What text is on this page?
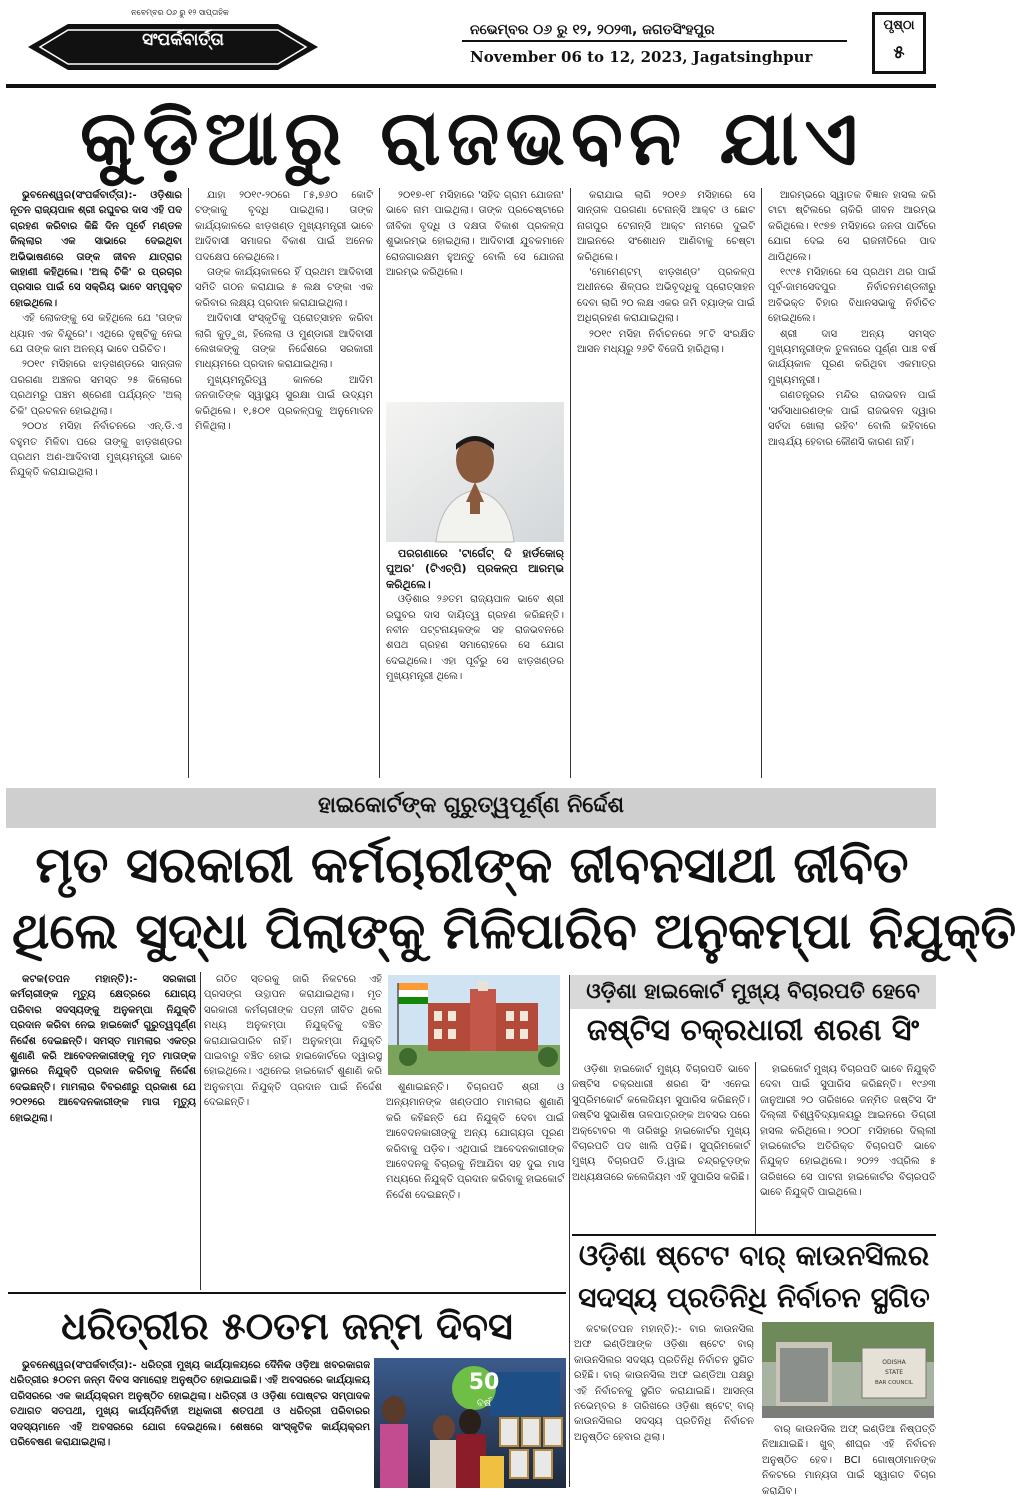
ନବେମ୍ବର ୦୬ ରୁ ୧୨ ସାପ୍ତାହିକ
ସଂପର୍କବାର୍ତ୍ତା	ନଭେମ୍ବର ୦୬ ରୁ ୧୨, ୨୦୨୩, ଜଗତସିଂହପୁର
November 06 to 12, 2023, Jagatsinghpur
ପୃଷ୍ଠା
୫
କୁଡ଼ିଆରୁ ରାଜଭବନ ଯାଏ

ଭୁବନେଶ୍ୱର(ସଂପର୍କବାର୍ତ୍ତା):- ଓଡ଼ିଶାର ନୂତନ ରାଜ୍ୟପାଳ ଶ୍ରୀ ରଘୁବର ଦାସ ଏହି ପଦ ଗ୍ରହଣ କରିବାର କିଛି ଦିନ ପୂର୍ବେ ମଣ୍ଡଳ ଜିଲ୍ଲାର ଏକ ସାଭାରେ ଦେଇଥିବା ଅଭିଭାଷଣରେ ତାଙ୍କ ଜୀବନ ଯାତ୍ରାର କାହାଣୀ କହିଥିଲେ। 'ଅଲ୍ ଚିକି' ର ପ୍ରଚାର ପ୍ରସାର ପାଇଁ ସେ ସକ୍ରିୟ ଭାବେ ସମ୍ପୃକ୍ତ ହୋଇଥିଲେ।

ଏହି ଲୋକଙ୍କୁ ସେ କହିଥିଲେ ଯେ 'ତାଙ୍କ ଧ୍ୟାନ ଏକ ବିନ୍ଦୁରେ'। ଏଥିରେ ଦୃଷ୍ଟିକୁ ନେଇ ଯେ ତାଙ୍କ କାମ ଅନନ୍ୟ ଭାବେ ପରିଚିତ।

୨୦୧୯ ମସିହାରେ ଝାଡ଼ଖଣ୍ଡରେ ସାନ୍ତାଳ ପରଗଣା ଅଞ୍ଚଳର ସମସ୍ତ ୨୫ କିଲୋରେ ପ୍ରଥମରୁ ପଞ୍ଚମ ଶ୍ରେଣୀ ପର୍ଯ୍ୟନ୍ତ 'ଅଲ୍ ଚିକି' ପ୍ରଚଳନ ହୋଇଥିଲା।

୨୦୦୪ ମସିହା ନିର୍ବାଚନରେ ଏନ୍.ଡି.ଏ ବହୁମତ ମିଳିବା ପରେ ତାଙ୍କୁ ଝାଡ଼ଖଣ୍ଡର ପ୍ରଥମ ଅଣ-ଆଦିବାସୀ ମୁଖ୍ୟମନ୍ତ୍ରୀ ଭାବେ ନିଯୁକ୍ତି କରାଯାଇଥିଲା।

ଯାହା ୨୦୧୯-୨୦ରେ ୮୫,୭୬୦ କୋଟି ଟଙ୍କାକୁ ବୃଦ୍ଧି ପାଇଥିଲା। ତାଙ୍କ କାର୍ଯ୍ୟକାଳରେ ଝାଡ଼ଖଣ୍ଡ ମୁଖ୍ୟମନ୍ତ୍ରୀ ଭାବେ ଆଦିବାସୀ ସମାଜର ବିକାଶ ପାଇଁ ଅନେକ ପଦକ୍ଷେପ ନେଇଥିଲେ।

ତାଙ୍କ କାର୍ଯ୍ୟକାଳରେ ହିଁ ପ୍ରଥମ ଆଦିବାସୀ ସମିତି ଗଠନ କରାଯାଇ ୫ ଲକ୍ଷ ଟଙ୍କା ଏକ କରିବାର ଲକ୍ଷ୍ୟ ପ୍ରଦାନ କରାଯାଇଥିଲା।

ଆଦିବାସୀ ସଂସ୍କୃତିକୁ ପ୍ରୋତ୍ସାହନ କରିବା ଲାଗି କୁଡ଼ୁଖ, ହିଲେଲା ଓ ମୁଣ୍ଡାରୀ ଆଦିବାସୀ ଲେଖକଙ୍କୁ ତାଙ୍କ ନିର୍ଦ୍ଦେଶରେ ସରକାରୀ ମାଧ୍ୟମରେ ପ୍ରଦାନ କରାଯାଇଥିଲା।

ମୁଖ୍ୟମନ୍ତ୍ରିତ୍ୱ କାଳରେ ଆଦିମ ଜନଜାତିଙ୍କ ସ୍ୱାସ୍ଥ୍ୟ ସୁରକ୍ଷା ପାଇଁ ଉଦ୍ୟମ କରିଥିଲେ। ୧,୫୦୧ ପ୍ରକଳ୍ପକୁ ଅନୁମୋଦନ ମିଳିଥିଲା।

୨୦୧୭-୧୮ ମସିହାରେ 'ସହିଦ ଗ୍ରାମ ଯୋଜନା' ଭାବେ ନାମ ପାଇଥିଲା। ତାଙ୍କ ପ୍ରଚେଷ୍ଟାରେ ଜୀବିକା ବୃଦ୍ଧି ଓ ଦକ୍ଷତା ବିକାଶ ପ୍ରକଳ୍ପ ଶୁଭାରମ୍ଭ ହୋଇଥିଲା। ଆଦିବାସୀ ଯୁବକମାନେ ରୋଜଗାରକ୍ଷମ ହୁଅନ୍ତୁ ବୋଲି ସେ ଯୋଜନା ଆରମ୍ଭ କରିଥିଲେ।

ପରଗଣାରେ 'ଟାର୍ଗେଟ୍ ଦି ହାର୍ଡକୋର୍ ପୁଅର' (ଟିଏଚ୍‌ପି) ପ୍ରକଳ୍ପ ଆରମ୍ଭ କରିଥିଲେ।

ଓଡ଼ିଶାର ୨୬ତମ ରାଜ୍ୟପାଳ ଭାବେ ଶ୍ରୀ ରଘୁବର ଦାସ ଦାୟିତ୍ୱ ଗ୍ରହଣ କରିଛନ୍ତି। ନବୀନ ପଟ୍ଟନାୟକଙ୍କ ସହ ରାଜଭବନରେ ଶପଥ ଗ୍ରହଣ ସମାରୋହରେ ସେ ଯୋଗ ଦେଇଥିଲେ। ଏହା ପୂର୍ବରୁ ସେ ଝାଡ଼ଖଣ୍ଡର ମୁଖ୍ୟମନ୍ତ୍ରୀ ଥିଲେ।

କରାଯାଇ ଲାଗି ୨୦୧୬ ମସିହାରେ ସେ ସାନ୍ତାଳ ପରଗଣା ଟେନାନ୍ସି ଆକ୍ଟ ଓ ଛୋଟ ନାଗପୁର ଟେନାନ୍ସି ଆକ୍ଟ ନାମରେ ଦୁଇଟି ଆଇନରେ ସଂଶୋଧନ ଆଣିବାକୁ ଚେଷ୍ଟା କରିଥିଲେ।

'ମୋମେଣ୍ଟମ୍ ଝାଡ଼ଖଣ୍ଡ' ପ୍ରକଳ୍ପ ଅଧୀନରେ ଶିଳ୍ପର ଅଭିବୃଦ୍ଧିକୁ ପ୍ରୋତ୍ସାହନ ଦେବା ଲାଗି ୨୦ ଲକ୍ଷ ଏକର ଜମି ବ୍ୟାଙ୍କ ପାଇଁ ଅଧିଗ୍ରହଣ କରାଯାଇଥିଲା।

୨୦୧୯ ମସିହା ନିର୍ବାଚନରେ ୨୮ଟି ସଂରକ୍ଷିତ ଆସନ ମଧ୍ୟରୁ ୨୬ଟି ବିଜେପି ହାରିଥିଲା।

ଆରମ୍ଭରେ ସ୍ୱାତକ ବିଜ୍ଞାନ ହାସଲ କରି ଟାଟା ଷ୍ଟିଲରେ ଚାକିରି ଜୀବନ ଆରମ୍ଭ କରିଥିଲେ। ୧୯୭୭ ମସିହାରେ ଜନତା ପାର୍ଟିରେ ଯୋଗ ଦେଇ ସେ ରାଜନୀତିରେ ପାଦ ଥାପିଥିଲେ।

୧୯୯୫ ମସିହାରେ ସେ ପ୍ରଥମ ଥର ପାଇଁ ପୂର୍ବ-ଜାମସେଦପୁର ନିର୍ବାଚନମଣ୍ଡଳୀରୁ ଅବିଭକ୍ତ ବିହାର ବିଧାନସଭାକୁ ନିର୍ବାଚିତ ହୋଇଥିଲେ।

ଶ୍ରୀ ଦାସ ଅନ୍ୟ ସମସ୍ତ ମୁଖ୍ୟମନ୍ତ୍ରୀଙ୍କ ତୁଳନାରେ ପୂର୍ଣ୍ଣ ପାଞ୍ଚ ବର୍ଷ କାର୍ଯ୍ୟକାଳ ପୂରଣ କରିଥିବା ଏକମାତ୍ର ମୁଖ୍ୟମନ୍ତ୍ରୀ।

ଗଣତନ୍ତ୍ରର ମନ୍ଦିର ରାଜଭବନ ପାଇଁ 'ସର୍ବସାଧାରଣଙ୍କ ପାଇଁ ରାଜଭବନ ଦ୍ୱାର ସର୍ବଦା ଖୋଲା ରହିବ' ବୋଲି କହିବାରେ ଆଶ୍ଚର୍ଯ୍ୟ ହେବାର କୌଣସି କାରଣ ନାହିଁ।

ହାଇକୋର୍ଟଙ୍କ ଗୁରୁତ୍ୱପୂର୍ଣ୍ଣ ନିର୍ଦ୍ଦେଶ
ମୃତ ସରକାରୀ କର୍ମଚାରୀଙ୍କ ଜୀବନସାଥୀ ଜୀବିତ
ଥିଲେ ସୁଦ୍ଧା ପିଲାଙ୍କୁ ମିଳିପାରିବ ଅନୁକମ୍ପା ନିଯୁକ୍ତି

କଟକ(ତପନ ମହାନ୍ତି):- ସରକାରୀ କର୍ମଚାରୀଙ୍କ ମୃତ୍ୟୁ କ୍ଷେତ୍ରରେ ଯୋଗ୍ୟ ପରିବାର ସଦସ୍ୟଙ୍କୁ ଅନୁକମ୍ପା ନିଯୁକ୍ତି ପ୍ରଦାନ କରିବା ନେଇ ହାଇକୋର୍ଟ ଗୁରୁତ୍ୱପୂର୍ଣ୍ଣ ନିର୍ଦ୍ଦେଶ ଦେଇଛନ୍ତି। ସମସ୍ତ ମାମଲାର ଏକତ୍ର ଶୁଣାଣି କରି ଆବେଦନକାରୀଙ୍କୁ ମୃତ ମାତାଙ୍କ ସ୍ଥାନରେ ନିଯୁକ୍ତି ପ୍ରଦାନ କରିବାକୁ ନିର୍ଦ୍ଦେଶ ଦେଇଛନ୍ତି। ମାମଲାର ବିବରଣୀରୁ ପ୍ରକାଶ ଯେ ୨୦୧୨ରେ ଆବେଦନକାରୀଙ୍କ ମାତା ମୃତ୍ୟୁ ହୋଇଥିଲା।

ଗଠିତ ସ୍ତରକୁ ଜାରି ନିକଟରେ ଏହି ପ୍ରସଙ୍ଗ ଉତ୍ଥାପନ କରାଯାଇଥିଲା। ମୃତ ସରକାରୀ କର୍ମଚାରୀଙ୍କ ପତ୍ନୀ ଜୀବିତ ଥିଲେ ମଧ୍ୟ ଅନୁକମ୍ପା ନିଯୁକ୍ତିକୁ ବଞ୍ଚିତ କରାଯାଇପାରିବ ନାହିଁ। ଅନୁକମ୍ପା ନିଯୁକ୍ତି ପାଇବାରୁ ବଞ୍ଚିତ ହୋଇ ହାଇକୋର୍ଟରେ ଦ୍ୱାରସ୍ଥ ହୋଇଥିଲେ। ଏଥିନେଇ ହାଇକୋର୍ଟ ଶୁଣାଣି କରି ଅନୁକମ୍ପା ନିଯୁକ୍ତି ପ୍ରଦାନ ପାଇଁ ନିର୍ଦ୍ଦେଶ ଦେଇଛନ୍ତି।

ଶୁଣାଇଛନ୍ତି। ବିଚାରପତି ଶ୍ରୀ ଓ ଅନ୍ୟମାନଙ୍କ ଖଣ୍ଡପୀଠ ମାମଲାର ଶୁଣାଣି କରି କହିଛନ୍ତି ଯେ ନିଯୁକ୍ତି ଦେବା ପାଇଁ ଆବେଦନକାରୀଙ୍କୁ ଅନ୍ୟ ଯୋଗ୍ୟତା ପୂରଣ କରିବାକୁ ପଡ଼ିବ। ଏଥିପାଇଁ ଆବେଦନକାରୀଙ୍କ ଆବେଦନକୁ ବିଚାରକୁ ନିଆଯିବା ସହ ଦୁଇ ମାସ ମଧ୍ୟରେ ନିଯୁକ୍ତି ପ୍ରଦାନ କରିବାକୁ ହାଇକୋର୍ଟ ନିର୍ଦ୍ଦେଶ ଦେଇଛନ୍ତି।

ଓଡ଼ିଶା ହାଇକୋର୍ଟ ମୁଖ୍ୟ ବିଚାରପତି ହେବେ
ଜଷ୍ଟିସ ଚକ୍ରଧାରୀ ଶରଣ ସିଂ

ଓଡ଼ିଶା ହାଇକୋର୍ଟ ମୁଖ୍ୟ ବିଚାରପତି ଭାବେ ଜଷ୍ଟିସ ଚକ୍ରଧାରୀ ଶରଣ ସିଂ ଏନେଇ ସୁପ୍ରିମକୋର୍ଟ କଲେଜିୟମ ସୁପାରିସ କରିଛନ୍ତି। ଜଷ୍ଟିସ ସୁଭାଶିଷ ତାଳପାତ୍ରଙ୍କ ଅବସର ପରେ ଅକ୍ଟୋବର ୩ ତାରିଖରୁ ହାଇକୋର୍ଟର ମୁଖ୍ୟ ବିଚାରପତି ପଦ ଖାଲି ପଡ଼ିଛି। ସୁପ୍ରିମକୋର୍ଟ ମୁଖ୍ୟ ବିଚାରପତି ଡି.ୱାଇ ଚନ୍ଦ୍ରଚୂଡ଼ଙ୍କ ଅଧ୍ୟକ୍ଷତାରେ କଲେଜିୟମ ଏହି ସୁପାରିସ କରିଛି।

ହାଇକୋର୍ଟ ମୁଖ୍ୟ ବିଚାରପତି ଭାବେ ନିଯୁକ୍ତି ଦେବା ପାଇଁ ସୁପାରିସ କରିଛନ୍ତି। ୧୯୬୩ ଜାନୁଆରୀ ୨୦ ତାରିଖରେ ଜନ୍ମିତ ଜଷ୍ଟିସ ସିଂ ଦିଲ୍ଲୀ ବିଶ୍ୱବିଦ୍ୟାଳୟରୁ ଆଇନରେ ଡିଗ୍ରୀ ହାସଲ କରିଥିଲେ। ୨୦୦୮ ମସିହାରେ ଦିଲ୍ଲୀ ହାଇକୋର୍ଟର ଅତିରିକ୍ତ ବିଚାରପତି ଭାବେ ନିଯୁକ୍ତ ହୋଇଥିଲେ। ୨୦୨୨ ଏପ୍ରିଲ ୫ ତାରିଖରେ ସେ ପାଟନା ହାଇକୋର୍ଟର ବିଚାରପତି ଭାବେ ନିଯୁକ୍ତି ପାଇଥିଲେ।

ଓଡ଼ିଶା ଷ୍ଟେଟ ବାର୍ କାଉନସିଲର
ସଦସ୍ୟ ପ୍ରତିନିଧି ନିର୍ବାଚନ ସ୍ଥଗିତ

କଟକ(ତପନ ମହାନ୍ତି):- ବାର କାଉନସିଲ ଅଫ ଇଣ୍ଡିଆଙ୍କ ଓଡ଼ିଶା ଷ୍ଟେଟ ବାର୍ କାଉନସିଲର ସଦସ୍ୟ ପ୍ରତିନିଧି ନିର୍ବାଚନ ସ୍ଥଗିତ ରହିଛି। ବାର୍ କାଉନସିଲ ଅଫ ଇଣ୍ଡିଆ ପକ୍ଷରୁ ଏହି ନିର୍ବାଚନକୁ ସ୍ଥଗିତ କରାଯାଇଛି। ଆସନ୍ତା ନଭେମ୍ବର ୫ ତାରିଖରେ ଓଡ଼ିଶା ଷ୍ଟେଟ୍ ବାର୍ କାଉନସିଲର ସଦସ୍ୟ ପ୍ରତିନିଧି ନିର୍ବାଚନ ଅନୁଷ୍ଠିତ ହେବାର ଥିଲା।

ODISHA
STATE
BAR COUNCIL

ବାର୍ କାଉନସିଲ ଅଫ୍ ଇଣ୍ଡିଆ ନିଷ୍ପତ୍ତି ନିଆଯାଇଛି। ଖୁବ୍ ଶୀଘ୍ର ଏହି ନିର୍ବାଚନ ଅନୁଷ୍ଠିତ ହେବ। BCI ଗୋଷ୍ଠୀମାନଙ୍କ ନିକଟରେ ମାନ୍ୟତା ପାଇଁ ସ୍ୱାଗତ ବିଚାର କରାଯିବ।

ଧରିତ୍ରୀର ୫୦ତମ ଜନ୍ମ ଦିବସ

ଭୁବନେଶ୍ୱର(ସଂପର୍କବାର୍ତ୍ତା):- ଧରିତ୍ରୀ ମୁଖ୍ୟ କାର୍ଯ୍ୟାଳୟରେ ଦୈନିକ ଓଡ଼ିଆ ଖବରକାଗଜ ଧରିତ୍ରୀର ୫୦ତମ ଜନ୍ମ ଦିବସ ସମାରୋହ ଅନୁଷ୍ଠିତ ହୋଇଯାଇଛି। ଏହି ଅବସରରେ କାର୍ଯ୍ୟାଳୟ ପରିସରରେ ଏକ କାର୍ଯ୍ୟକ୍ରମ ଅନୁଷ୍ଠିତ ହୋଇଥିଲା। ଧରିତ୍ରୀ ଓ ଓଡ଼ିଶା ପୋଷ୍ଟର ସମ୍ପାଦକ ତଥାଗତ ସତପଥୀ, ମୁଖ୍ୟ କାର୍ଯ୍ୟନିର୍ବାହୀ ଅଧିକାରୀ ଶତପଥୀ ଓ ଧରିତ୍ରୀ ପରିବାରର ସଦସ୍ୟମାନେ ଏହି ଅବସରରେ ଯୋଗ ଦେଇଥିଲେ। ଶେଷରେ ସାଂସ୍କୃତିକ କାର୍ଯ୍ୟକ୍ରମ ପରିବେଷଣ କରାଯାଇଥିଲା।

50
ବର୍ଷ
